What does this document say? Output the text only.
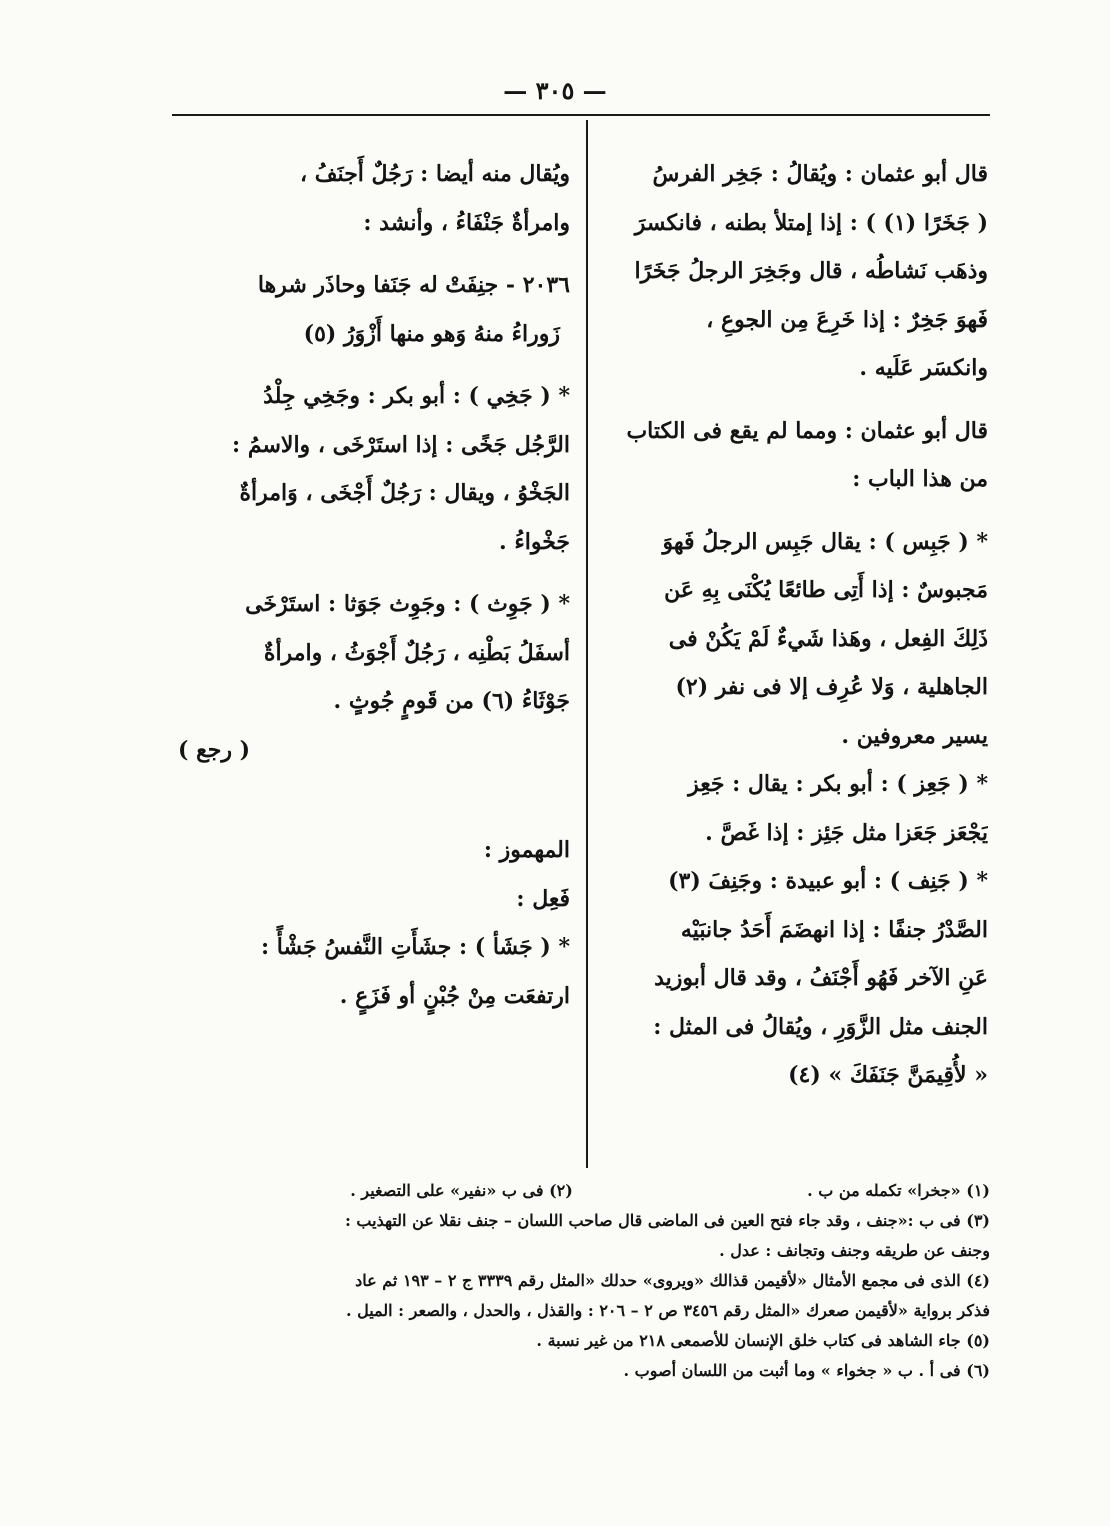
— ٣٠٥ —
قال أبو عثمان : ويُقالُ : جَخِر الفرسُ
( جَخَرًا (١) ) : إذا إمتلأ بطنه ، فانكسرَ
وذهَب نَشاطُه ، قال وجَخِرَ الرجلُ جَخَرًا
فَهوَ جَخِرٌ : إذا خَرِعَ مِن الجوعِ ،
وانكسَر عَلَيه .
قال أبو عثمان : ومما لم يقع فى الكتاب
من هذا الباب :
* ( جَبِس ) : يقال جَبِس الرجلُ فَهوَ
مَجبوسٌ : إذا أَتِى طائعًا يُكْنَى بِهِ عَن
ذَلِكَ الفِعل ، وهَذا شَيءٌ لَمْ يَكُنْ فى
الجاهلية ، وَلا عُرِف إلا فى نفر (٢)
يسير معروفين .
* ( جَعِز ) : أبو بكر : يقال : جَعِز
يَجْعَز جَعَزا مثل جَئِز : إذا غَصَّ .
* ( جَنِف ) : أبو عبيدة : وجَنِفَ (٣)
الصَّدْرُ جنفًا : إذا انهضَمَ أَحَدُ جانبَيْه
عَنِ الآخر فَهُو أَجْنَفُ ، وقد قال أبوزيد
الجنف مثل الزَّوَرِ ، ويُقالُ فى المثل :
« لأُقِيمَنَّ جَنَفَكَ » (٤)
ويُقال منه أيضا : رَجُلٌ أَجنَفُ ،
وامرأةٌ جَنْفَاءُ ، وأنشد :
٢٠٣٦ - جنِفَتْ له جَنَفا وحاذَر شرها
زَوراءُ منهُ وَهو منها أَزْوَرُ (٥)
* ( جَخِي ) : أبو بكر : وجَخِي جِلْدُ
الرَّجُل جَخًى : إذا استَرْخَى ، والاسمُ :
الجَخْوُ ، ويقال : رَجُلٌ أَجْخَى ، وَامرأةٌ
جَخْواءُ .
* ( جَوِث ) : وجَوِث جَوَثا : استَرْخَى
أسفَلُ بَطْنِه ، رَجُلٌ أَجْوَثُ ، وامرأةٌ
جَوْثَاءُ (٦) من قَومٍ جُوثٍ .
( رجع )
المهموز :
فَعِل :
* ( جَشَأ ) : جشَأَتِ النَّفسُ جَشْأً :
ارتفعَت مِنْ جُبْنٍ أو فَزَعٍ .
(١) «جخرا» تكمله من ب .
(٢) فى ب «نفير» على التصغير .
(٣) فى ب :«جنف ، وقد جاء فتح العين فى الماضى قال صاحب اللسان – جنف نقلا عن التهذيب :
وجنف عن طريقه وجنف وتجانف : عدل .
(٤) الذى فى مجمع الأمثال «لأقيمن قذالك «ويروى» حدلك «المثل رقم ٣٣٣٩ ج ٢ – ١٩٣ ثم عاد
فذكر برواية «لأقيمن صعرك «المثل رقم ٣٤٥٦ ص ٢ – ٢٠٦ : والقذل ، والحدل ، والصعر : الميل .
(٥) جاء الشاهد فى كتاب خلق الإنسان للأصمعى ٢١٨ من غير نسبة .
(٦) فى أ . ب « جخواء » وما أثبت من اللسان أصوب .
